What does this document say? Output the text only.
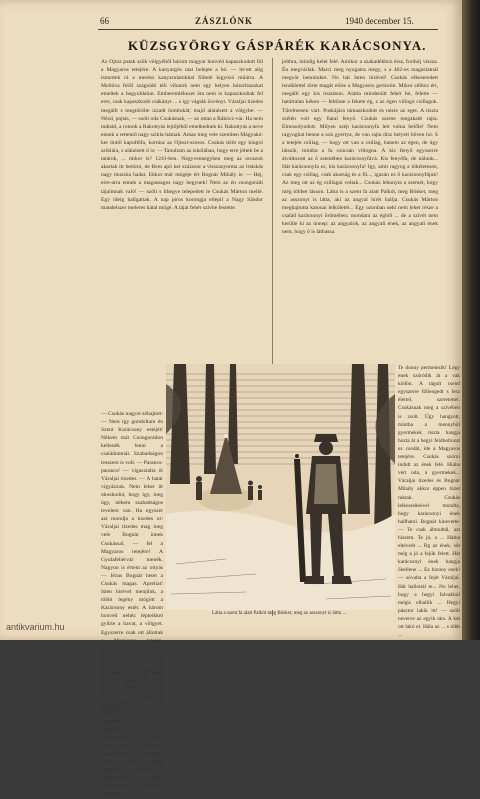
66	ZÁSZLÓNK	1940 december 15.
KÜZSGYÖRGY GÁSPÁRÉK KARÁCSONYA.

Az Ojtoz patak szűk völgyéből három magyar honvéd kapaszkodott föl a Magyaros tetejére. A kanyargós utat belepte a hó. — itt-ott alig ismertek rá a merész kanyarulatokkal föltelé kígyózó műútra. A Mo6óva felől száguldó téli viharok nem egy helyen hótorlaszokat emeltek a hegyoldalon. Emberemlékezet óta nem is kapaszkodtak fel erre, csak kapaszkodó csákányt ... s így vágták ösvényt. Váraljai tizedes megállt s megtörölte izzadt homlokát; majd alánézett a völgybe: — Nézd, pajtás, — szólt oda Csukásnak, — az ottan a Rákócz-vár. Ha nem tudnád, a romok a Rakottyás lejtőjéből emelkednek ki. Rakottyás a neve ennek a rettentő nagy szikla-hátnak. Amaz meg vele szemben Mágyakó: ker öntől kapufélfa, kortúsz az Ojtozi-szoros. Csukás lelőt egy kiugró sziklára, s alánézett ő is: — Tanultam az iskolában, hogy erre jöttek be a tatárok, ... mikor is? 1241-ben. Negyvennégyben meg az oroszok akartak itt betörni, de Bem apó ket százszor a visszanyomta az irtáskás nagy muszka hadat. Ekkor már mögéje ért Bognár Mihály is: — Hej, erre-arra ennek a magassagos nagy hegynek! Nem az én csongorádi tájaimnak való! — szólt s lihegve telepedett le Csukás Márton mellé. Egy ideig hallgattak. A nap piros korongja ellepil a Nagy Sándor mandelszer meleres hátal mögé. A tájat fehér szívbe festette.

— Csukás nagyot sóhajtott: — Nem így gondoltam én Szent Karácsony estéjét! Nékem már Csongorádon kellenék lenni a családomnál. Szabadságon lesszem is volt. — Parancs-parancs! — vigasztalta őt Váraljai tizedes. — A határ vigyázzuk. Nem lehet itt okoskodni, hogy így, meg úgy, nékem szabadságos levelem van. Ha egyszer azt mondja a tizedes ur: Váraljai tizedes mag meg vele Bognár innek Csukással, — fel a Magyaros tetejére! A Gyulafehérvár menék. Nagyon is értem az oltyás — Jézus Bognár hetet a Csukás magas. Apreliat! Isten hirével menjünk, a többi legény mögött a Karácsony estét. A három honvéd nehéz lépteikkel gyűrte a havat, a völgyet. Egyszerre csak ott állottak a Magyaros tetején, jókedvűek. Beesteledett, mire fölértek a gerincre. A sűket csend rájuk nehezedett. A felhőr karcs fenyőfák merevenek álltak az egyre szélítő fényben. A szürke hegyóriások egyberoltak az őket körülölelő. A 1612 magaslat tart a mi völgyére. — szólt kedvetlenül a tizedes. Eszébe jutott az otthonai karácsonyest; a hó és hegyi zsoltár, és elment. Bognár cigarettára gyújtott s megkérdezte: — Most arrafelé merre? — Te ere! a gerincen

jobbra, mindig kelet felé. Amikor a szakadékhoz érsz, fordulj vissza. Én megvárlak. Marci meg nyugatra megy, s a 462-es magaslatnál megvár bennünket. No hát Isten hírével! Csukás elkeseredett lendülettel törte magát előre a Magyaros gerincén. Mikor célhoz ért, megállt egy kis tisztáson. Alatta mindenütt fehér hó, felette — határtalan kéken — feltűnte a fekete ég, s az égen villogó csillagok. Tűrelmesen várt. Puskájára támaszkodott és nézte az eget. A tiszta szélén volt egy fiatal fenyő. Csukás szeme megakadt rajta. Elmosolyodott. Milyen szép karácsonyfa lett volna belőle! Nem ragyoghat benne a sok gyertya, de van rajta dísz helyett bőven hó. S a tetején csillag, — hogy ott van a csillag, hanem az égen, de úgy látszik, mintha a fa csúcsán villogna. A kis fenyő egyszerre átváltozott az ő szemében karácsonyfává. Kis fenyőfa, de nálunk... Hát karácsonyfa ez, kis karácsonyfa! Igy, amit ragyog a tökéletesen, csak egy csillag, csak akarság és a fű..., igazán ez ő karácsonyfájuk! Az meg ott az ég csillagai voltak... Csukás lehunyta a szemét, hogy még többet lásson. Látta is a szent fa alatt Palkót, meg Bösket, meg az asszonyt is látta, aki az angyal hírét hallja. Csukás Márton meghajtotta katonai lelkületét... Egy ozonban neki nem lehet része a család karácsonyi örömében; mondani az égből ... de a szívét nem kerülte ki az ünnep: az angyalok, az angyali ének, az angyali ének nem, hogy ő is láthassa.

Te donny permetezik! Légy enek szóródik át a vak ködön. A tágult csend egyszerre föllengedt s lesz élettel, szeretettel. Csukásnak meg a szívében is zsolt. Úgy hangzott, mintha a mennyből gyermekek tiszta hangja hozta át a hegyi feldboltozat ez csodát, ide a Magyaros tetejére. Csukás szórni indult az ének felé. Hiába vért oda, a gyermekek... Váraljai tizedes és Bognár Mihály akkor éppen tüzet raktak. Csukás lelkesedésével mondta, hogy karácsonyi ének hallhatol. Bognár kinevette: — Te csak álmodtál, azt hiszem. Te jó, a ... Hátha eltévedt ... Rg az ének, sőt még a jó a fejük felett. Hát karácsonyi ének hangja öhellene ... Ez bizony ezek! — sóvalta a fejét Váraljai. Hát hallottál te... No lehet, hogy a hegyi falvakból mégis elhallik ... Hegyi pásztor lakik itt! — szólt nevetve az egyik társ. A két ott lakó el. Hála az ... s több ...

Látta a szent fa alatt Palkót meg Bösket, meg az asszonyt is látta ...
antikvarium.hu
